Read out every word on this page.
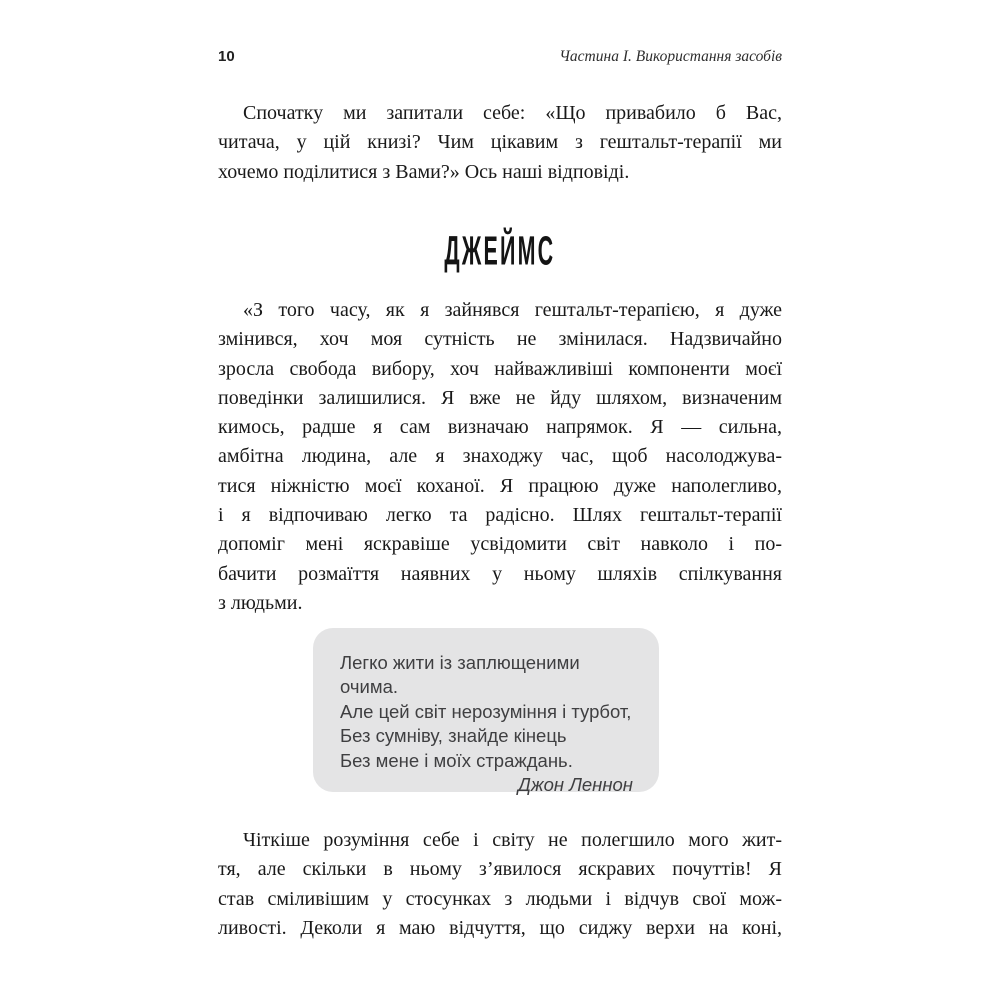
10	Частина І. Використання засобів
Спочатку ми запитали себе: «Що привабило б Вас,
читача, у цій книзі? Чим цікавим з гештальт-терапії ми
хочемо поділитися з Вами?» Ось наші відповіді.
ДЖЕЙМС
«З того часу, як я зайнявся гештальт-терапією, я дуже
змінився, хоч моя сутність не змінилася. Надзвичайно
зросла свобода вибору, хоч найважливіші компоненти моєї
поведінки залишилися. Я вже не йду шляхом, визначеним
кимось, радше я сам визначаю напрямок. Я — сильна,
амбітна людина, але я знаходжу час, щоб насолоджува-
тися ніжністю моєї коханої. Я працюю дуже наполегливо,
і я відпочиваю легко та радісно. Шлях гештальт-терапії
допоміг мені яскравіше усвідомити світ навколо і по-
бачити розмаїття наявних у ньому шляхів спілкування
з людьми.
Легко жити із заплющеними очима.
Але цей світ нерозуміння і турбот,
Без сумніву, знайде кінець
Без мене і моїх страждань.
Джон Леннон
Чіткіше розуміння себе і світу не полегшило мого жит-
тя, але скільки в ньому з’явилося яскравих почуттів! Я
став сміливішим у стосунках з людьми і відчув свої мож-
ливості. Деколи я маю відчуття, що сиджу верхи на коні,
